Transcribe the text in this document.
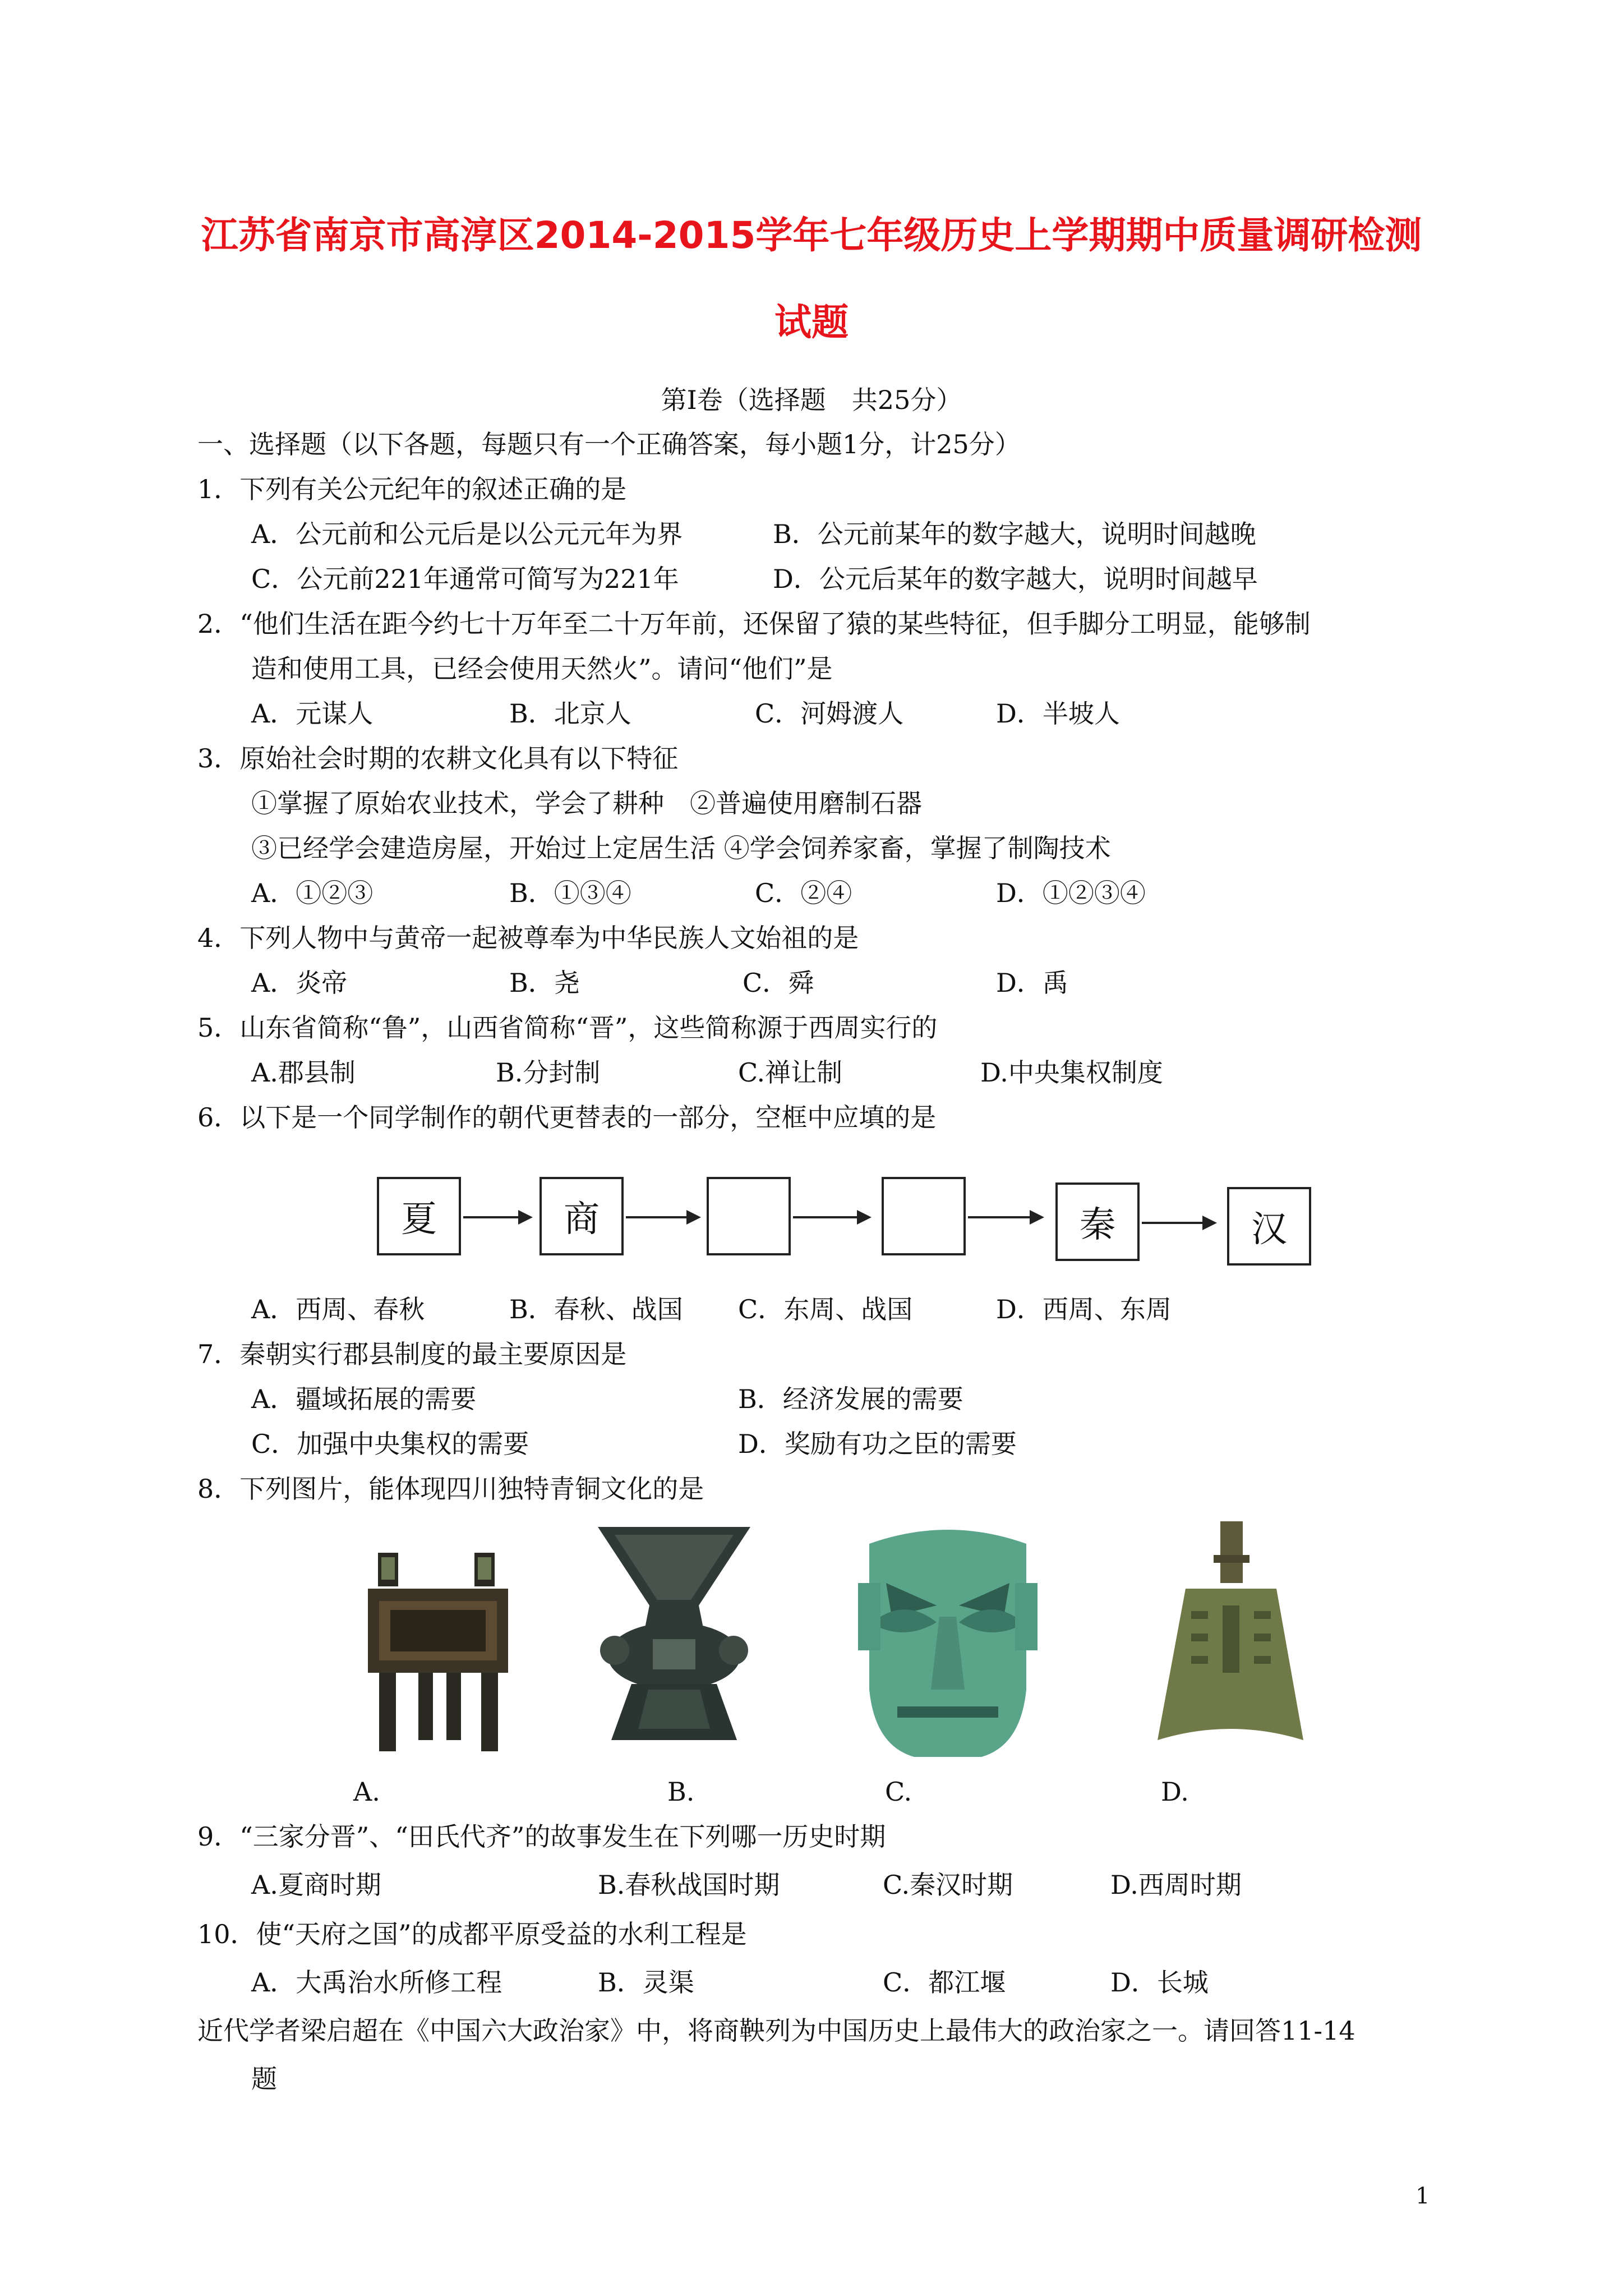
江苏省南京市高淳区2014-2015学年七年级历史上学期期中质量调研检测
试题
第Ⅰ卷（选择题　共25分）
一、选择题（以下各题，每题只有一个正确答案，每小题1分，计25分）
1．下列有关公元纪年的叙述正确的是
A．公元前和公元后是以公元元年为界	B．公元前某年的数字越大，说明时间越晚
C．公元前221年通常可简写为221年	D．公元后某年的数字越大，说明时间越早
2．“他们生活在距今约七十万年至二十万年前，还保留了猿的某些特征，但手脚分工明显，能够制
造和使用工具，已经会使用天然火”。请问“他们”是
A．元谋人	B．北京人	C．河姆渡人	D．半坡人
3．原始社会时期的农耕文化具有以下特征
①掌握了原始农业技术，学会了耕种　②普遍使用磨制石器
③已经学会建造房屋，开始过上定居生活 ④学会饲养家畜，掌握了制陶技术
A．①②③	B．①③④	C．②④	D．①②③④
4．下列人物中与黄帝一起被尊奉为中华民族人文始祖的是
A．炎帝	B．尧	C．舜	D．禹
5．山东省简称“鲁”，山西省简称“晋”，这些简称源于西周实行的
A.郡县制	B.分封制	C.禅让制	D.中央集权制度
6．以下是一个同学制作的朝代更替表的一部分，空框中应填的是
夏	商	秦	汉
A．西周、春秋	B．春秋、战国 C．东周、战国	D．西周、东周
7．秦朝实行郡县制度的最主要原因是
A．疆域拓展的需要	B．经济发展的需要
C．加强中央集权的需要	D．奖励有功之臣的需要
8．下列图片，能体现四川独特青铜文化的是
A.	B.	C.	D.
9．“三家分晋”、“田氏代齐”的故事发生在下列哪一历史时期
A.夏商时期	B.春秋战国时期	C.秦汉时期	D.西周时期
10．使“天府之国”的成都平原受益的水利工程是
A．大禹治水所修工程	B．灵渠	C．都江堰	D．长城
近代学者梁启超在《中国六大政治家》中，将商鞅列为中国历史上最伟大的政治家之一。请回答11-14
题
1
